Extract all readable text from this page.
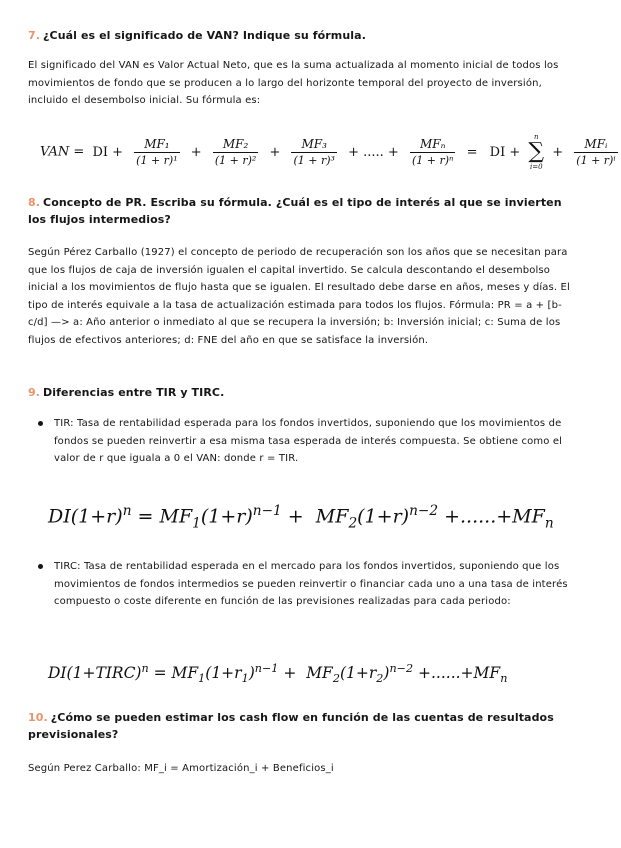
7. ¿Cuál es el significado de VAN? Indique su fórmula.
El significado del VAN es Valor Actual Neto, que es la suma actualizada al momento inicial de todos los movimientos de fondo que se producen a lo largo del horizonte temporal del proyecto de inversión, incluido el desembolso inicial. Su fórmula es:
VAN = DI + $\frac{\text{MF₁}}{\text{(1 + r)¹}} + \frac{\text{MF₂}}{\text{(1 + r)²}} + \frac{\text{MF₃}}{\text{(1 + r)³}}$ + ..... +
MFₙ
(1 + r)ⁿ
= DI +
n
∑
i=0
+
MFᵢ
(1 + r)ⁱ
8. Concepto de PR. Escriba su fórmula. ¿Cuál es el tipo de interés al que se invierten los flujos intermedios?
Según Pérez Carballo (1927) el concepto de periodo de recuperación son los años que se necesitan para que los flujos de caja de inversión igualen el capital invertido. Se calcula descontando el desembolso inicial a los movimientos de flujo hasta que se igualen. El resultado debe darse en años, meses y días. El tipo de interés equivale a la tasa de actualización estimada para todos los flujos. Fórmula: PR = a + [b-c/d] —> a: Año anterior o inmediato al que se recupera la inversión; b: Inversión inicial; c: Suma de los flujos de efectivos anteriores; d: FNE del año en que se satisface la inversión.
9. Diferencias entre TIR y TIRC.
TIR: Tasa de rentabilidad esperada para los fondos invertidos, suponiendo que los movimientos de fondos se pueden reinvertir a esa misma tasa esperada de interés compuesta. Se obtiene como el valor de r que iguala a 0 el VAN: donde r = TIR.
$DI(1+r)^n = MF_1(1+r)^{n-1} + MF_2(1+r)^{n-2} +......+MF_n$
TIRC: Tasa de rentabilidad esperada en el mercado para los fondos invertidos, suponiendo que los movimientos de fondos intermedios se pueden reinvertir o financiar cada uno a una tasa de interés compuesto o coste diferente en función de las previsiones realizadas para cada periodo:
DI(1+TIRC)$^n$ = $MF_1(1+r_1)^{n-1} + MF_2(1+r_2)^{n-2} +......+MF_n$
10. ¿Cómo se pueden estimar los cash flow en función de las cuentas de resultados previsionales?
Según Perez Carballo: MF_i = Amortización_i + Beneficios_i
